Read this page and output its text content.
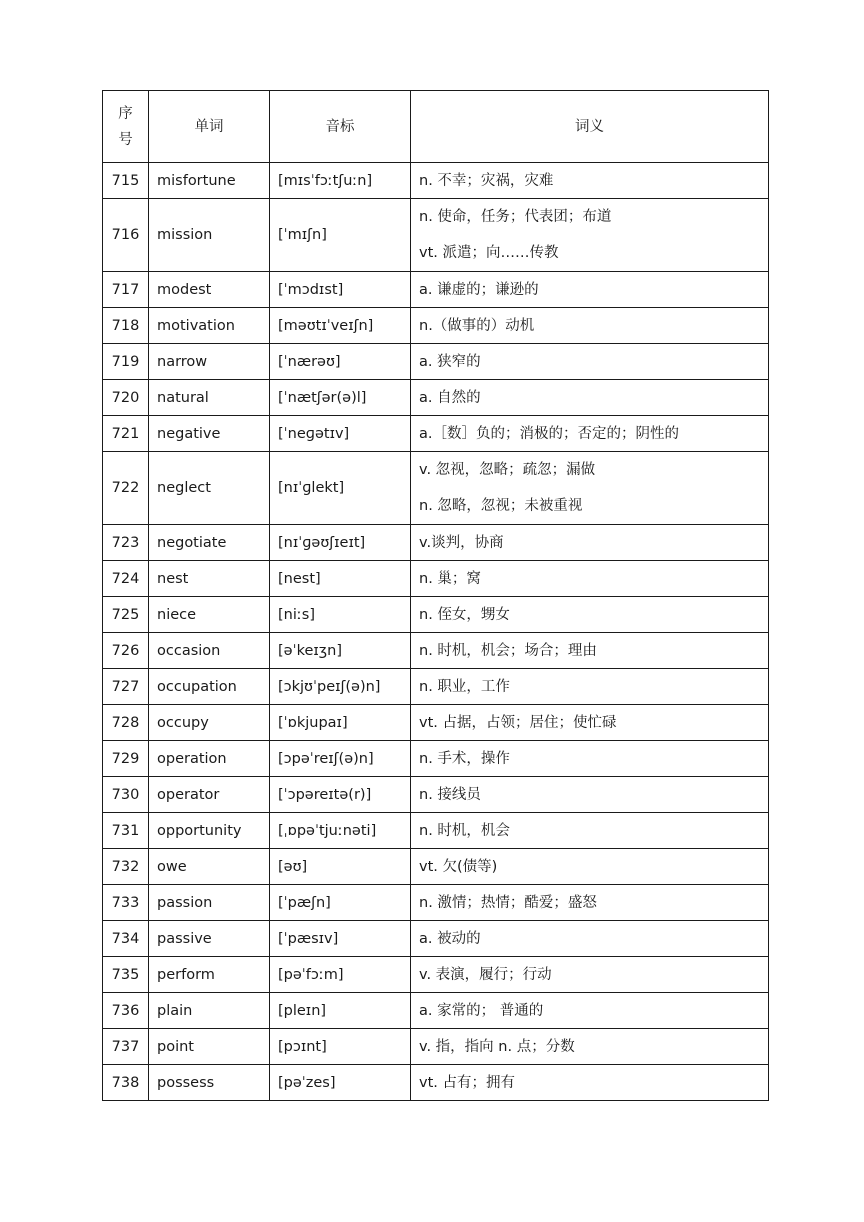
序
号	单词	音标	词义
715	misfortune	[mɪsˈfɔːtʃuːn]	n. 不幸；灾祸，灾难
716	mission	[ˈmɪʃn]	n. 使命，任务；代表团；布道
vt. 派遣；向……传教

717	modest	[ˈmɔdɪst]	a. 谦虚的；谦逊的
718	motivation	[məʊtɪˈveɪʃn]	n.（做事的）动机
719	narrow	[ˈnærəʊ]	a. 狭窄的
720	natural	[ˈnætʃər(ə)l]	a. 自然的
721	negative	[ˈneɡətɪv]	a.［数］负的；消极的；否定的；阴性的
722	neglect	[nɪˈɡlekt]	v. 忽视，忽略；疏忽；漏做
n. 忽略，忽视；未被重视

723	negotiate	[nɪˈɡəʊʃɪeɪt]	v.谈判，协商
724	nest	[nest]	n. 巢；窝
725	niece	[niːs]	n. 侄女，甥女
726	occasion	[əˈkeɪʒn]	n. 时机，机会；场合；理由
727	occupation	[ɔkjʊˈpeɪʃ(ə)n]	n. 职业，工作
728	occupy	[ˈɒkjupaɪ]	vt. 占据，占领；居住；使忙碌
729	operation	[ɔpəˈreɪʃ(ə)n]	n. 手术，操作
730	operator	[ˈɔpəreɪtə(r)]	n. 接线员
731	opportunity	[ˌɒpəˈtjuːnəti]	n. 时机，机会
732	owe	[əʊ]	vt. 欠(债等)
733	passion	[ˈpæʃn]	n. 激情；热情；酷爱；盛怒
734	passive	[ˈpæsɪv]	a. 被动的
735	perform	[pəˈfɔːm]	v. 表演，履行；行动
736	plain	[pleɪn]	a. 家常的； 普通的
737	point	[pɔɪnt]	v. 指，指向 n. 点；分数
738	possess	[pəˈzes]	vt. 占有；拥有
